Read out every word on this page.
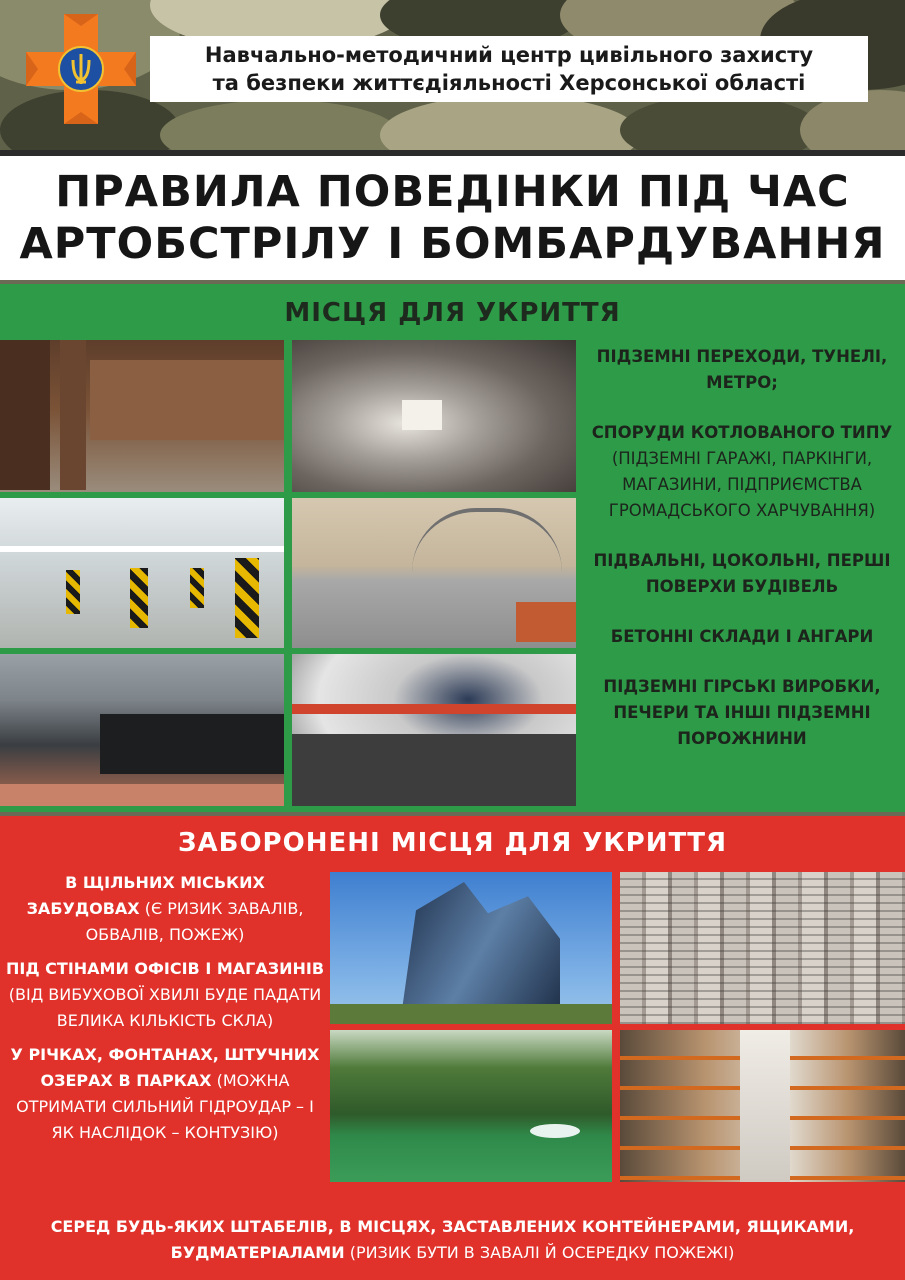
Навчально-методичний центр цивільного захисту
та безпеки життєдіяльності Херсонської області
ПРАВИЛА ПОВЕДІНКИ ПІД ЧАС
АРТОБСТРІЛУ І БОМБАРДУВАННЯ
МІСЦЯ ДЛЯ УКРИТТЯ
ПІДЗЕМНІ ПЕРЕХОДИ, ТУНЕЛІ, МЕТРО;
СПОРУДИ КОТЛОВАНОГО ТИПУ (ПІДЗЕМНІ ГАРАЖІ, ПАРКІНГИ, МАГАЗИНИ, ПІДПРИЄМСТВА ГРОМАДСЬКОГО ХАРЧУВАННЯ)
ПІДВАЛЬНІ, ЦОКОЛЬНІ, ПЕРШІ ПОВЕРХИ БУДІВЕЛЬ
БЕТОННІ СКЛАДИ І АНГАРИ
ПІДЗЕМНІ ГІРСЬКІ ВИРОБКИ, ПЕЧЕРИ ТА ІНШІ ПІДЗЕМНІ ПОРОЖНИНИ
ЗАБОРОНЕНІ МІСЦЯ ДЛЯ УКРИТТЯ
В ЩІЛЬНИХ МІСЬКИХ ЗАБУДОВАХ (Є РИЗИК ЗАВАЛІВ, ОБВАЛІВ, ПОЖЕЖ)
ПІД СТІНАМИ ОФІСІВ І МАГАЗИНІВ (ВІД ВИБУХОВОЇ ХВИЛІ БУДЕ ПАДАТИ ВЕЛИКА КІЛЬКІСТЬ СКЛА)
У РІЧКАХ, ФОНТАНАХ, ШТУЧНИХ ОЗЕРАХ В ПАРКАХ (МОЖНА ОТРИМАТИ СИЛЬНИЙ ГІДРОУДАР – І ЯК НАСЛІДОК – КОНТУЗІЮ)
СЕРЕД БУДЬ-ЯКИХ ШТАБЕЛІВ, В МІСЦЯХ, ЗАСТАВЛЕНИХ КОНТЕЙНЕРАМИ, ЯЩИКАМИ, БУДМАТЕРІАЛАМИ (РИЗИК БУТИ В ЗАВАЛІ Й ОСЕРЕДКУ ПОЖЕЖІ)
